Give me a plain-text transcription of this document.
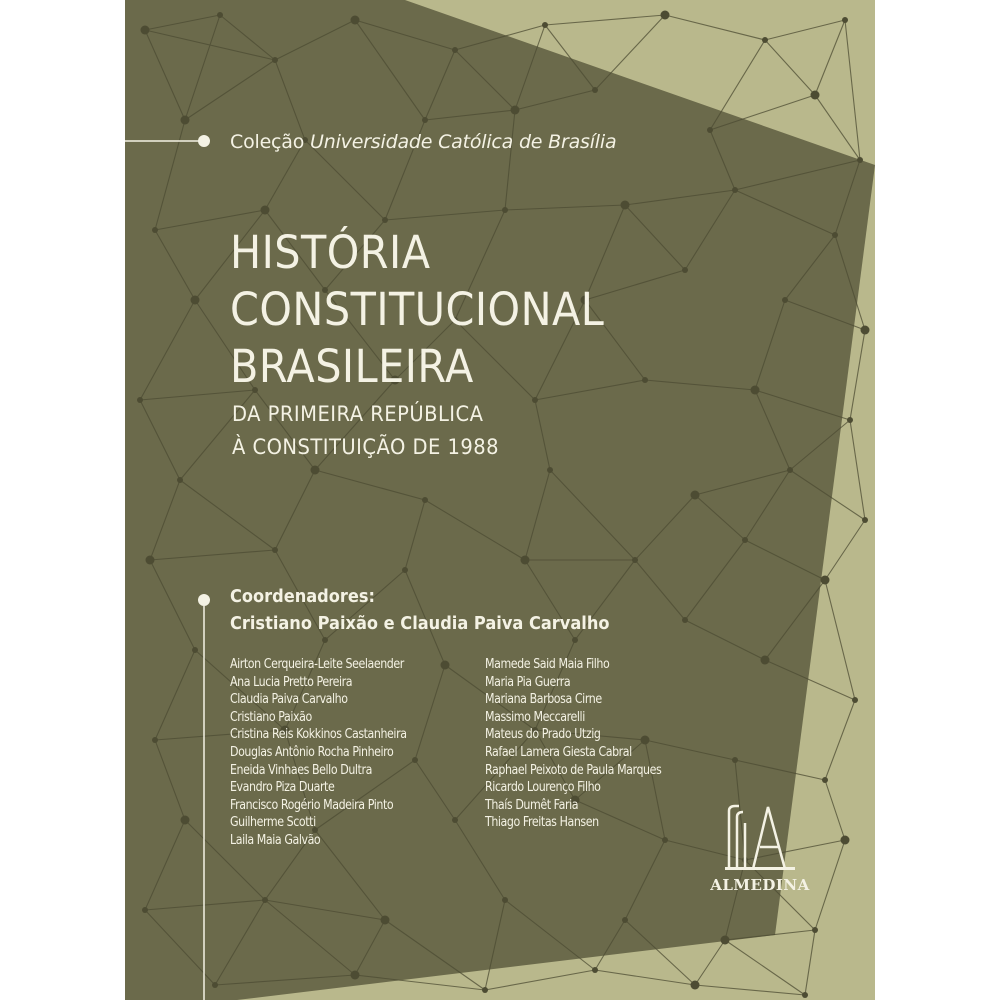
Coleção Universidade Católica de Brasília
HISTÓRIA
CONSTITUCIONAL
BRASILEIRA
DA PRIMEIRA REPÚBLICA
À CONSTITUIÇÃO DE 1988
Coordenadores:
Cristiano Paixão e Claudia Paiva Carvalho
Airton Cerqueira-Leite Seelaender
Ana Lucia Pretto Pereira
Claudia Paiva Carvalho
Cristiano Paixão
Cristina Reis Kokkinos Castanheira
Douglas Antônio Rocha Pinheiro
Eneida Vinhaes Bello Dultra
Evandro Piza Duarte
Francisco Rogério Madeira Pinto
Guilherme Scotti
Laila Maia Galvão
Mamede Said Maia Filho
Maria Pia Guerra
Mariana Barbosa Cirne
Massimo Meccarelli
Mateus do Prado Utzig
Rafael Lamera Giesta Cabral
Raphael Peixoto de Paula Marques
Ricardo Lourenço Filho
Thaís Dumêt Faria
Thiago Freitas Hansen
ALMEDINA
